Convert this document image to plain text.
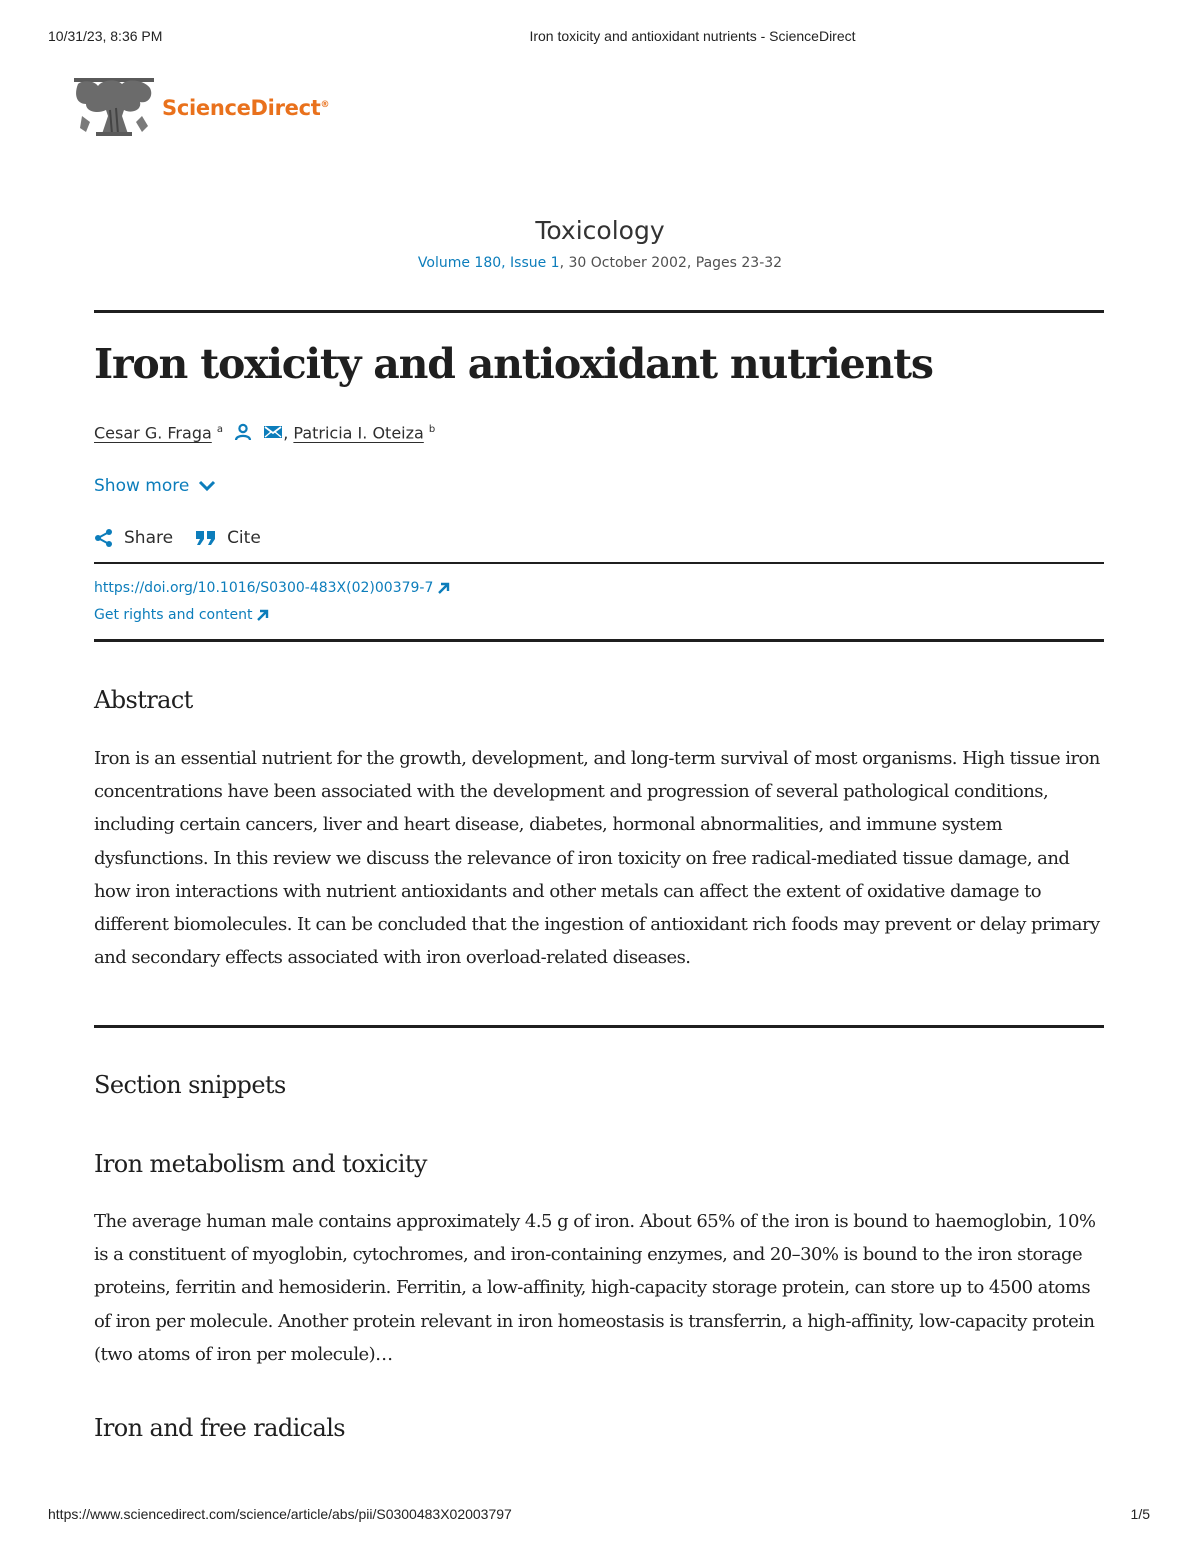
10/31/23, 8:36 PM	Iron toxicity and antioxidant nutrients - ScienceDirect
ScienceDirect®
Toxicology
Volume 180, Issue 1, 30 October 2002, Pages 23-32
Iron toxicity and antioxidant nutrients
Cesar G. Fraga $^a$	, Patricia I. Oteiza $^b$
Show more
Share	Cite
https://doi.org/10.1016/S0300-483X(02)00379-7
Get rights and content
Abstract

Iron is an essential nutrient for the growth, development, and long-term survival of most organisms. High tissue iron concentrations have been associated with the development and progression of several pathological conditions, including certain cancers, liver and heart disease, diabetes, hormonal abnormalities, and immune system dysfunctions. In this review we discuss the relevance of iron toxicity on free radical-mediated tissue damage, and how iron interactions with nutrient antioxidants and other metals can affect the extent of oxidative damage to different biomolecules. It can be concluded that the ingestion of antioxidant rich foods may prevent or delay primary and secondary effects associated with iron overload-related diseases.

Section snippets
Iron metabolism and toxicity

The average human male contains approximately 4.5 g of iron. About 65% of the iron is bound to haemoglobin, 10% is a constituent of myoglobin, cytochromes, and iron-containing enzymes, and 20–30% is bound to the iron storage proteins, ferritin and hemosiderin. Ferritin, a low-affinity, high-capacity storage protein, can store up to 4500 atoms of iron per molecule. Another protein relevant in iron homeostasis is transferrin, a high-affinity, low-capacity protein (two atoms of iron per molecule)…

Iron and free radicals
https://www.sciencedirect.com/science/article/abs/pii/S0300483X02003797	1/5
